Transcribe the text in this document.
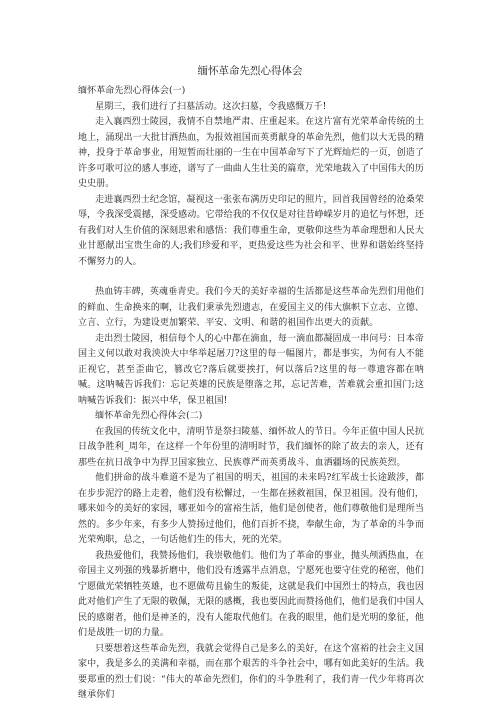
缅怀革命先烈心得体会

缅怀革命先烈心得体会(一)

星期三，我们进行了扫墓活动。这次扫墓，令我感慨万千!

走入襄西烈士陵园，我情不自禁地严肃、庄重起来。在这片富有光荣革命传统的土地上，涌现出一大批甘洒热血，为报效祖国而英勇献身的革命先烈，他们以大无畏的精神，投身于革命事业，用短暂而壮丽的一生在中国革命写下了光辉灿烂的一页，创造了许多可歌可泣的感人事迹，谱写了一曲曲人生壮美的篇章，光荣地载入了中国伟大的历史史册。

走进襄西烈士纪念馆，凝视这一张张布满历史印记的照片，回首我国曾经的沧桑荣辱，令我深受震撼，深受感动。它带给我的不仅仅是对往昔峥嵘岁月的追忆与怀想，还有我们对人生价值的深刻思索和感悟：我们尊重生命，更敬仰这些为革命理想和人民大业甘愿献出宝贵生命的人;我们珍爱和平，更热爱这些为社会和平、世界和谐始终坚持不懈努力的人。

热血铸丰碑，英魂垂青史。我们今天的美好幸福的生活都是这些革命先烈们用他们的鲜血、生命换来的啊，让我们秉承先烈遗志，在爱国主义的伟大旗帜下立志、立德、立言、立行，为建设更加繁荣、平安、文明、和谐的祖国作出更大的贡献。

走出烈士陵园，相信每个人的心中都在滴血，每一滴血都凝固成一串问号：日本帝国主义何以敢对我泱泱大中华举起屠刀?这里的每一幅图片，都是事实，为何有人不能正视它，甚至歪曲它，篡改它?落后就要挨打，何以落后?这里的每一尊遗容都在呐喊。这呐喊告诉我们：忘记英雄的民族是堕落之邦，忘记苦难，苦难就会重扣国门;这呐喊告诉我们：振兴中华，保卫祖国!

缅怀革命先烈心得体会(二)

在我国的传统文化中，清明节是祭扫陵墓、缅怀故人的节日。今年正值中国人民抗日战争胜利_周年，在这样一个年份里的清明时节，我们缅怀的除了故去的亲人，还有那些在抗日战争中为捍卫国家独立、民族尊严而英勇战斗、血洒疆场的民族英烈。

他们拼命的战斗难道不是为了祖国的明天，祖国的未来吗?红军战士长途跋涉，都在步步泥泞的路上走着，他们没有松懈过，一生都在拯救祖国，保卫祖国。没有他们，哪来如今的美好的家园，哪亚如今的富裕生活，他们是创使者，他们尊敬他们是理所当然的。多少年来，有多少人赞扬过他们，他们百折不挠，奉献生命，为了革命的斗争而光荣殉职，总之，一句话他们生的伟大，死的光荣。

我热爱他们，我赞扬他们，我崇敬他们。他们为了革命的事业，抛头颅洒热血，在帝国主义列强的残暴折磨中，他们没有透露半点消息，宁愿死也要守住党的秘密，他们宁愿做光荣牺牲英雄，也不愿做苟且偷生的叛徒，这就是我们中国烈士的特点，我也因此对他们产生了无限的敬佩，无限的感概，我也要因此而赞扬他们，他们是我们中国人民的感谢者，他们是神圣的，没有人能取代他们。在我的眼里，他们是光明的象征，他们是战胜一切的力量。

只要想着这些革命先烈，我就会觉得自己是多么的美好，在这个富裕的社会主义国家中，我是多么的美满和幸福，而在那个艰苦的斗争社会中，哪有如此美好的生活。我要郑重的烈士们说：“伟大的革命先烈们，你们的斗争胜利了，我们青一代少年将再次继承你们
